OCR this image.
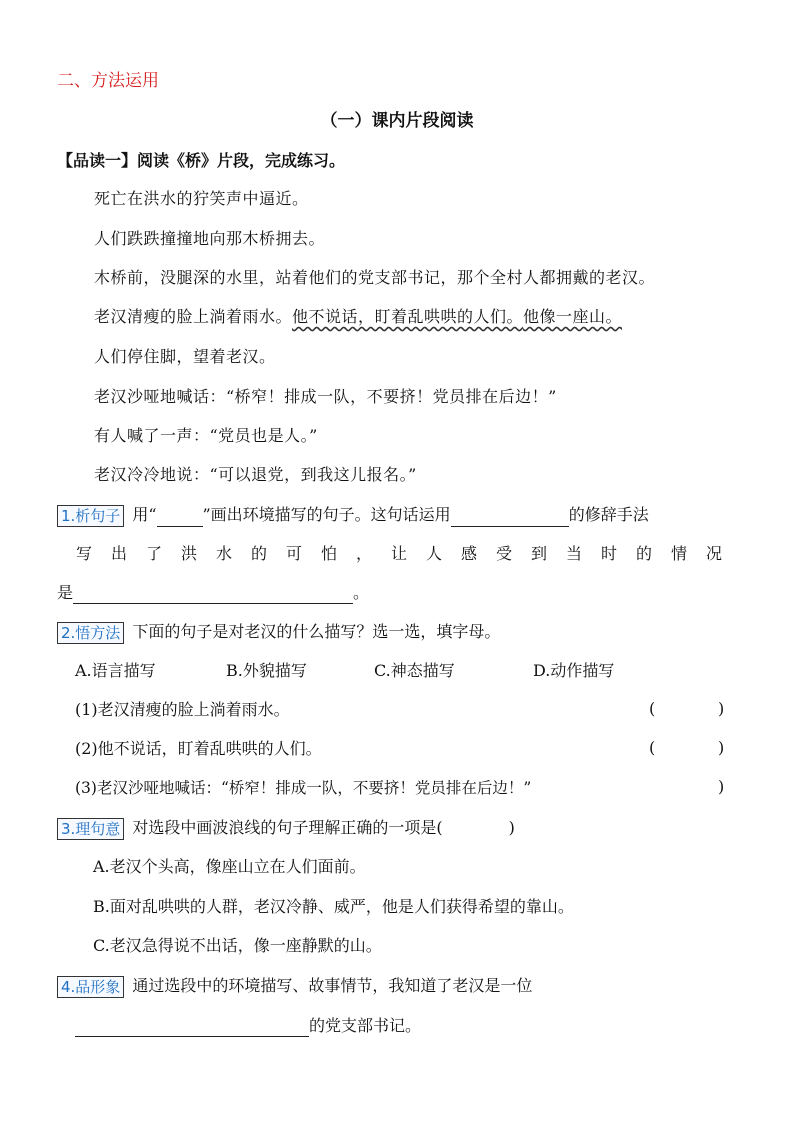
二、方法运用
（一）课内片段阅读
【品读一】阅读《桥》片段，完成练习。
死亡在洪水的狞笑声中逼近。
人们跌跌撞撞地向那木桥拥去。
木桥前，没腿深的水里，站着他们的党支部书记，那个全村人都拥戴的老汉。
老汉清瘦的脸上淌着雨水。他不说话，盯着乱哄哄的人们。他像一座山。
人们停住脚，望着老汉。
老汉沙哑地喊话：“桥窄！排成一队，不要挤！党员排在后边！”
有人喊了一声：“党员也是人。”
老汉冷冷地说：“可以退党，到我这儿报名。”
1.析句子 用“	”画出环境描写的句子。这句话运用	的修辞手法
写出了洪水的可怕，让人感受到当时的情况
是	。
2.悟方法 下面的句子是对老汉的什么描写？选一选，填字母。
A.语言描写	B.外貌描写	C.神态描写	D.动作描写
(1)老汉清瘦的脸上淌着雨水。	(	)
(2)他不说话，盯着乱哄哄的人们。	(	)
(3)老汉沙哑地喊话：“桥窄！排成一队，不要挤！党员排在后边！”	)
3.理句意 对选段中画波浪线的句子理解正确的一项是(	)
A.老汉个头高，像座山立在人们面前。
B.面对乱哄哄的人群，老汉冷静、威严，他是人们获得希望的靠山。
C.老汉急得说不出话，像一座静默的山。
4.品形象 通过选段中的环境描写、故事情节，我知道了老汉是一位
的党支部书记。
